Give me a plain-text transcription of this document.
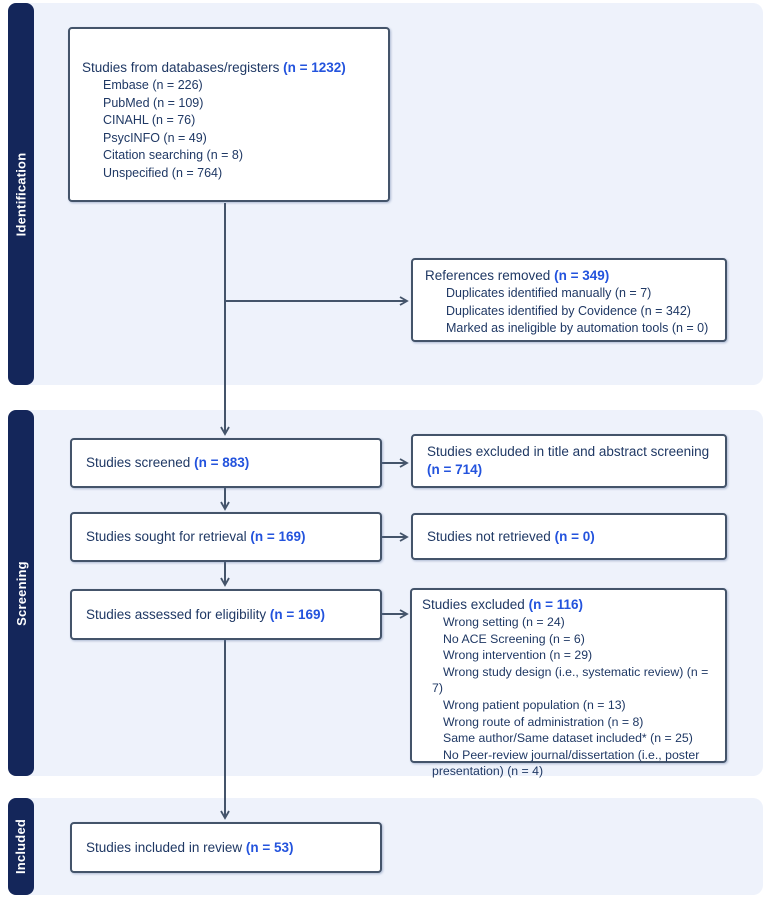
Identification
Screening
Included
Studies from databases/registers (n = 1232)
Embase (n = 226)
PubMed (n = 109)
CINAHL (n = 76)
PsycINFO (n = 49)
Citation searching (n = 8)
Unspecified (n = 764)
References removed (n = 349)
Duplicates identified manually (n = 7)
Duplicates identified by Covidence (n = 342)
Marked as ineligible by automation tools (n = 0)
Studies screened (n = 883)
Studies excluded in title and abstract screening (n = 714)
Studies sought for retrieval (n = 169)	Studies not retrieved (n = 0)
Studies assessed for eligibility (n = 169)
Studies excluded (n = 116)
Wrong setting (n = 24)
No ACE Screening (n = 6)
Wrong intervention (n = 29)
Wrong study design (i.e., systematic review) (n = 7)
Wrong patient population (n = 13)
Wrong route of administration (n = 8)
Same author/Same dataset included* (n = 25)
No Peer-review journal/dissertation (i.e., poster presentation) (n = 4)
Studies included in review (n = 53)
